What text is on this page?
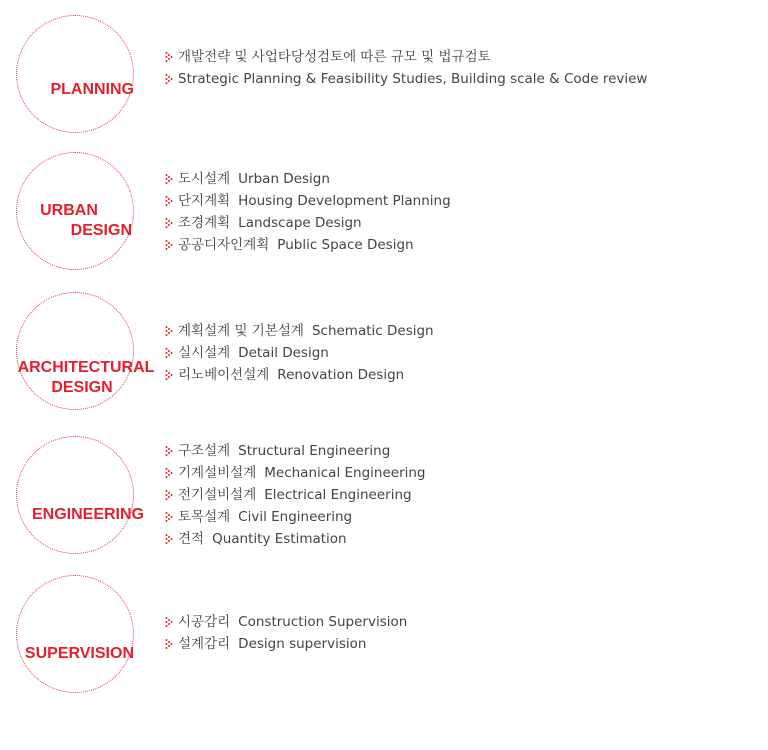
PLANNING
개발전략 및 사업타당성검토에 따른 규모 및 법규검토
Strategic Planning & Feasibility Studies, Building scale & Code review
URBAN
DESIGN
도시설계 Urban Design
단지계획 Housing Development Planning
조경계획 Landscape Design
공공디자인계획 Public Space Design
ARCHITECTURAL
DESIGN
계획설계 및 기본설계 Schematic Design
실시설계 Detail Design
리노베이션설계 Renovation Design
ENGINEERING
구조설계 Structural Engineering
기계설비설계 Mechanical Engineering
전기설비설계 Electrical Engineering
토목설계 Civil Engineering
견적 Quantity Estimation
SUPERVISION
시공감리 Construction Supervision
설계감리 Design supervision
